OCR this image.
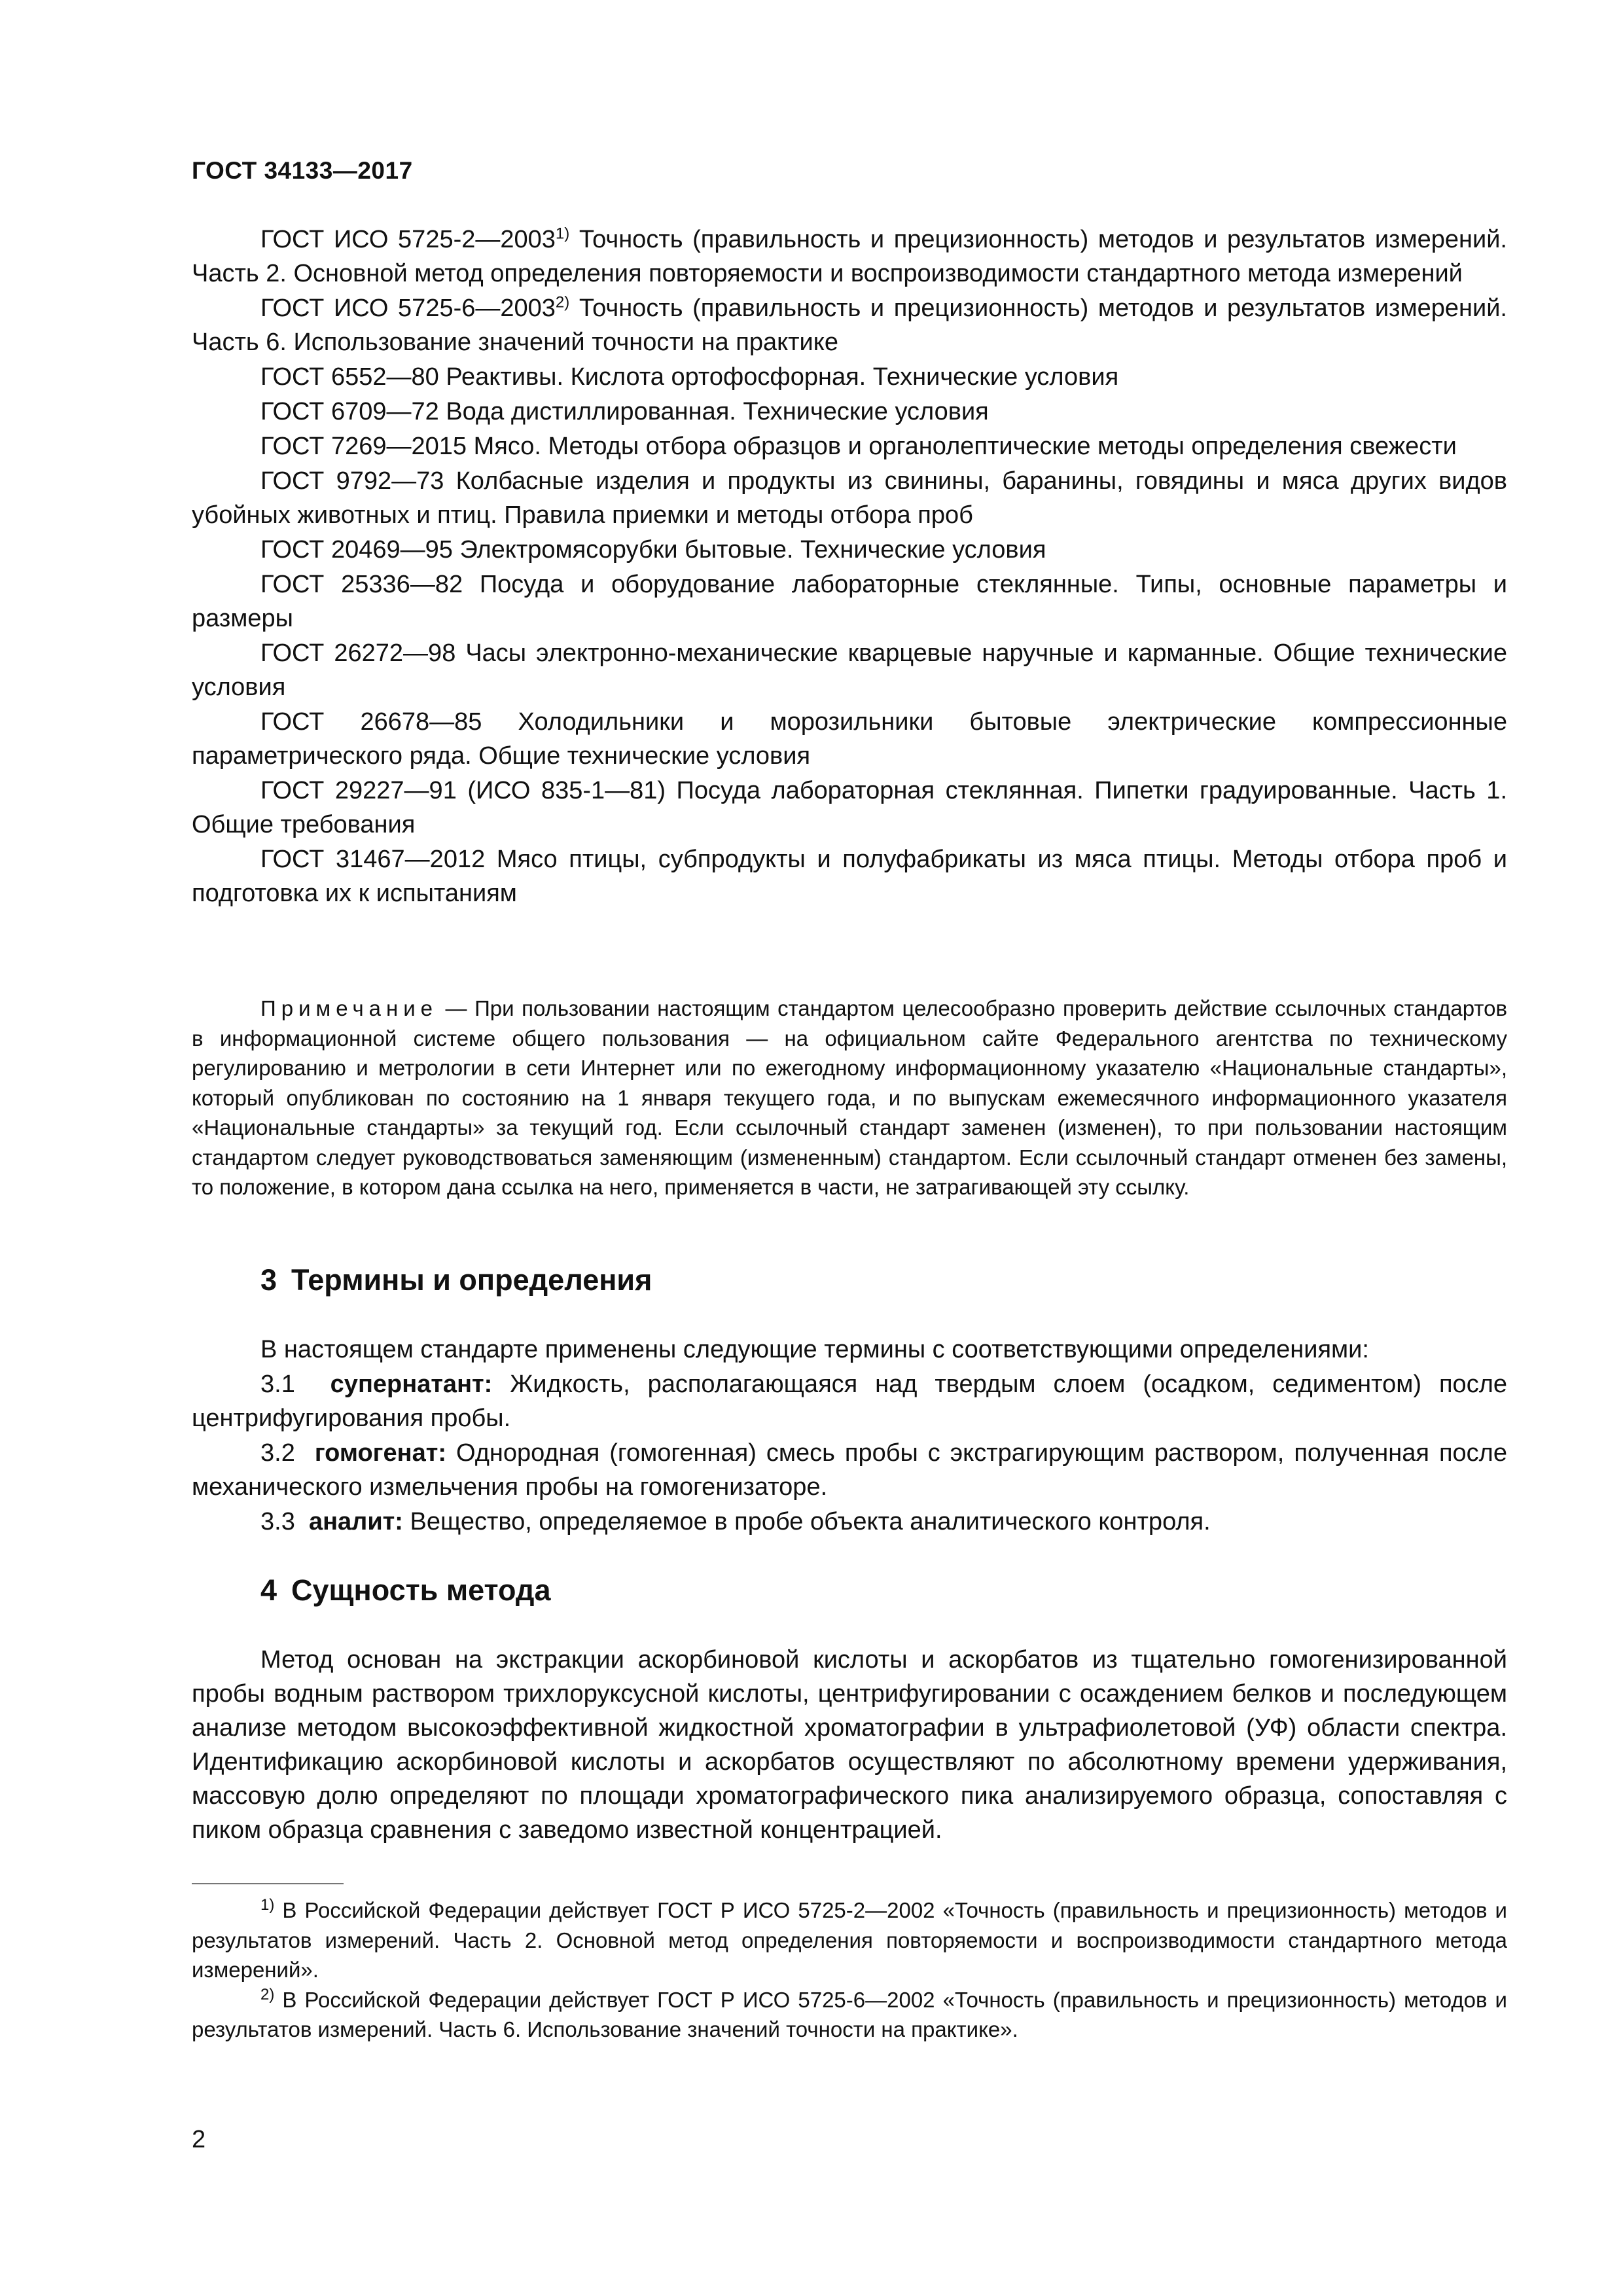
ГОСТ 34133—2017

ГОСТ ИСО 5725-2—2003$^{1)}$ Точность (правильность и прецизионность) методов и результатов измерений. Часть 2. Основной метод определения повторяемости и воспроизводимости стандартного метода измерений

ГОСТ ИСО 5725-6—2003$^{2)}$ Точность (правильность и прецизионность) методов и результатов измерений. Часть 6. Использование значений точности на практике

ГОСТ 6552—80 Реактивы. Кислота ортофосфорная. Технические условия

ГОСТ 6709—72 Вода дистиллированная. Технические условия

ГОСТ 7269—2015 Мясо. Методы отбора образцов и органолептические методы определения свежести

ГОСТ 9792—73 Колбасные изделия и продукты из свинины, баранины, говядины и мяса других видов убойных животных и птиц. Правила приемки и методы отбора проб

ГОСТ 20469—95 Электромясорубки бытовые. Технические условия

ГОСТ 25336—82 Посуда и оборудование лабораторные стеклянные. Типы, основные параметры и размеры

ГОСТ 26272—98 Часы электронно-механические кварцевые наручные и карманные. Общие технические условия

ГОСТ 26678—85 Холодильники и морозильники бытовые электрические компрессионные параметрического ряда. Общие технические условия

ГОСТ 29227—91 (ИСО 835-1—81) Посуда лабораторная стеклянная. Пипетки градуированные. Часть 1. Общие требования

ГОСТ 31467—2012 Мясо птицы, субпродукты и полуфабрикаты из мяса птицы. Методы отбора проб и подготовка их к испытаниям

Примечание — При пользовании настоящим стандартом целесообразно проверить действие ссылочных стандартов в информационной системе общего пользования — на официальном сайте Федерального агентства по техническому регулированию и метрологии в сети Интернет или по ежегодному информационному указателю «Национальные стандарты», который опубликован по состоянию на 1 января текущего года, и по выпускам ежемесячного информационного указателя «Национальные стандарты» за текущий год. Если ссылочный стандарт заменен (изменен), то при пользовании настоящим стандартом следует руководствоваться заменяющим (измененным) стандартом. Если ссылочный стандарт отменен без замены, то положение, в котором дана ссылка на него, применяется в части, не затрагивающей эту ссылку.
3 Термины и определения

В настоящем стандарте применены следующие термины с соответствующими определениями:

3.1 супернатант: Жидкость, располагающаяся над твердым слоем (осадком, седиментом) после центрифугирования пробы.

3.2 гомогенат: Однородная (гомогенная) смесь пробы с экстрагирующим раствором, полученная после механического измельчения пробы на гомогенизаторе.

3.3 аналит: Вещество, определяемое в пробе объекта аналитического контроля.

4 Сущность метода

Метод основан на экстракции аскорбиновой кислоты и аскорбатов из тщательно гомогенизированной пробы водным раствором трихлоруксусной кислоты, центрифугировании с осаждением белков и последующем анализе методом высокоэффективной жидкостной хроматографии в ультрафиолетовой (УФ) области спектра. Идентификацию аскорбиновой кислоты и аскорбатов осуществляют по абсолютному времени удерживания, массовую долю определяют по площади хроматографического пика анализируемого образца, сопоставляя с пиком образца сравнения с заведомо известной концентрацией.

$^{1)}$ В Российской Федерации действует ГОСТ Р ИСО 5725-2—2002 «Точность (правильность и прецизионность) методов и результатов измерений. Часть 2. Основной метод определения повторяемости и воспроизводимости стандартного метода измерений».

$^{2)}$ В Российской Федерации действует ГОСТ Р ИСО 5725-6—2002 «Точность (правильность и прецизионность) методов и результатов измерений. Часть 6. Использование значений точности на практике».

2
